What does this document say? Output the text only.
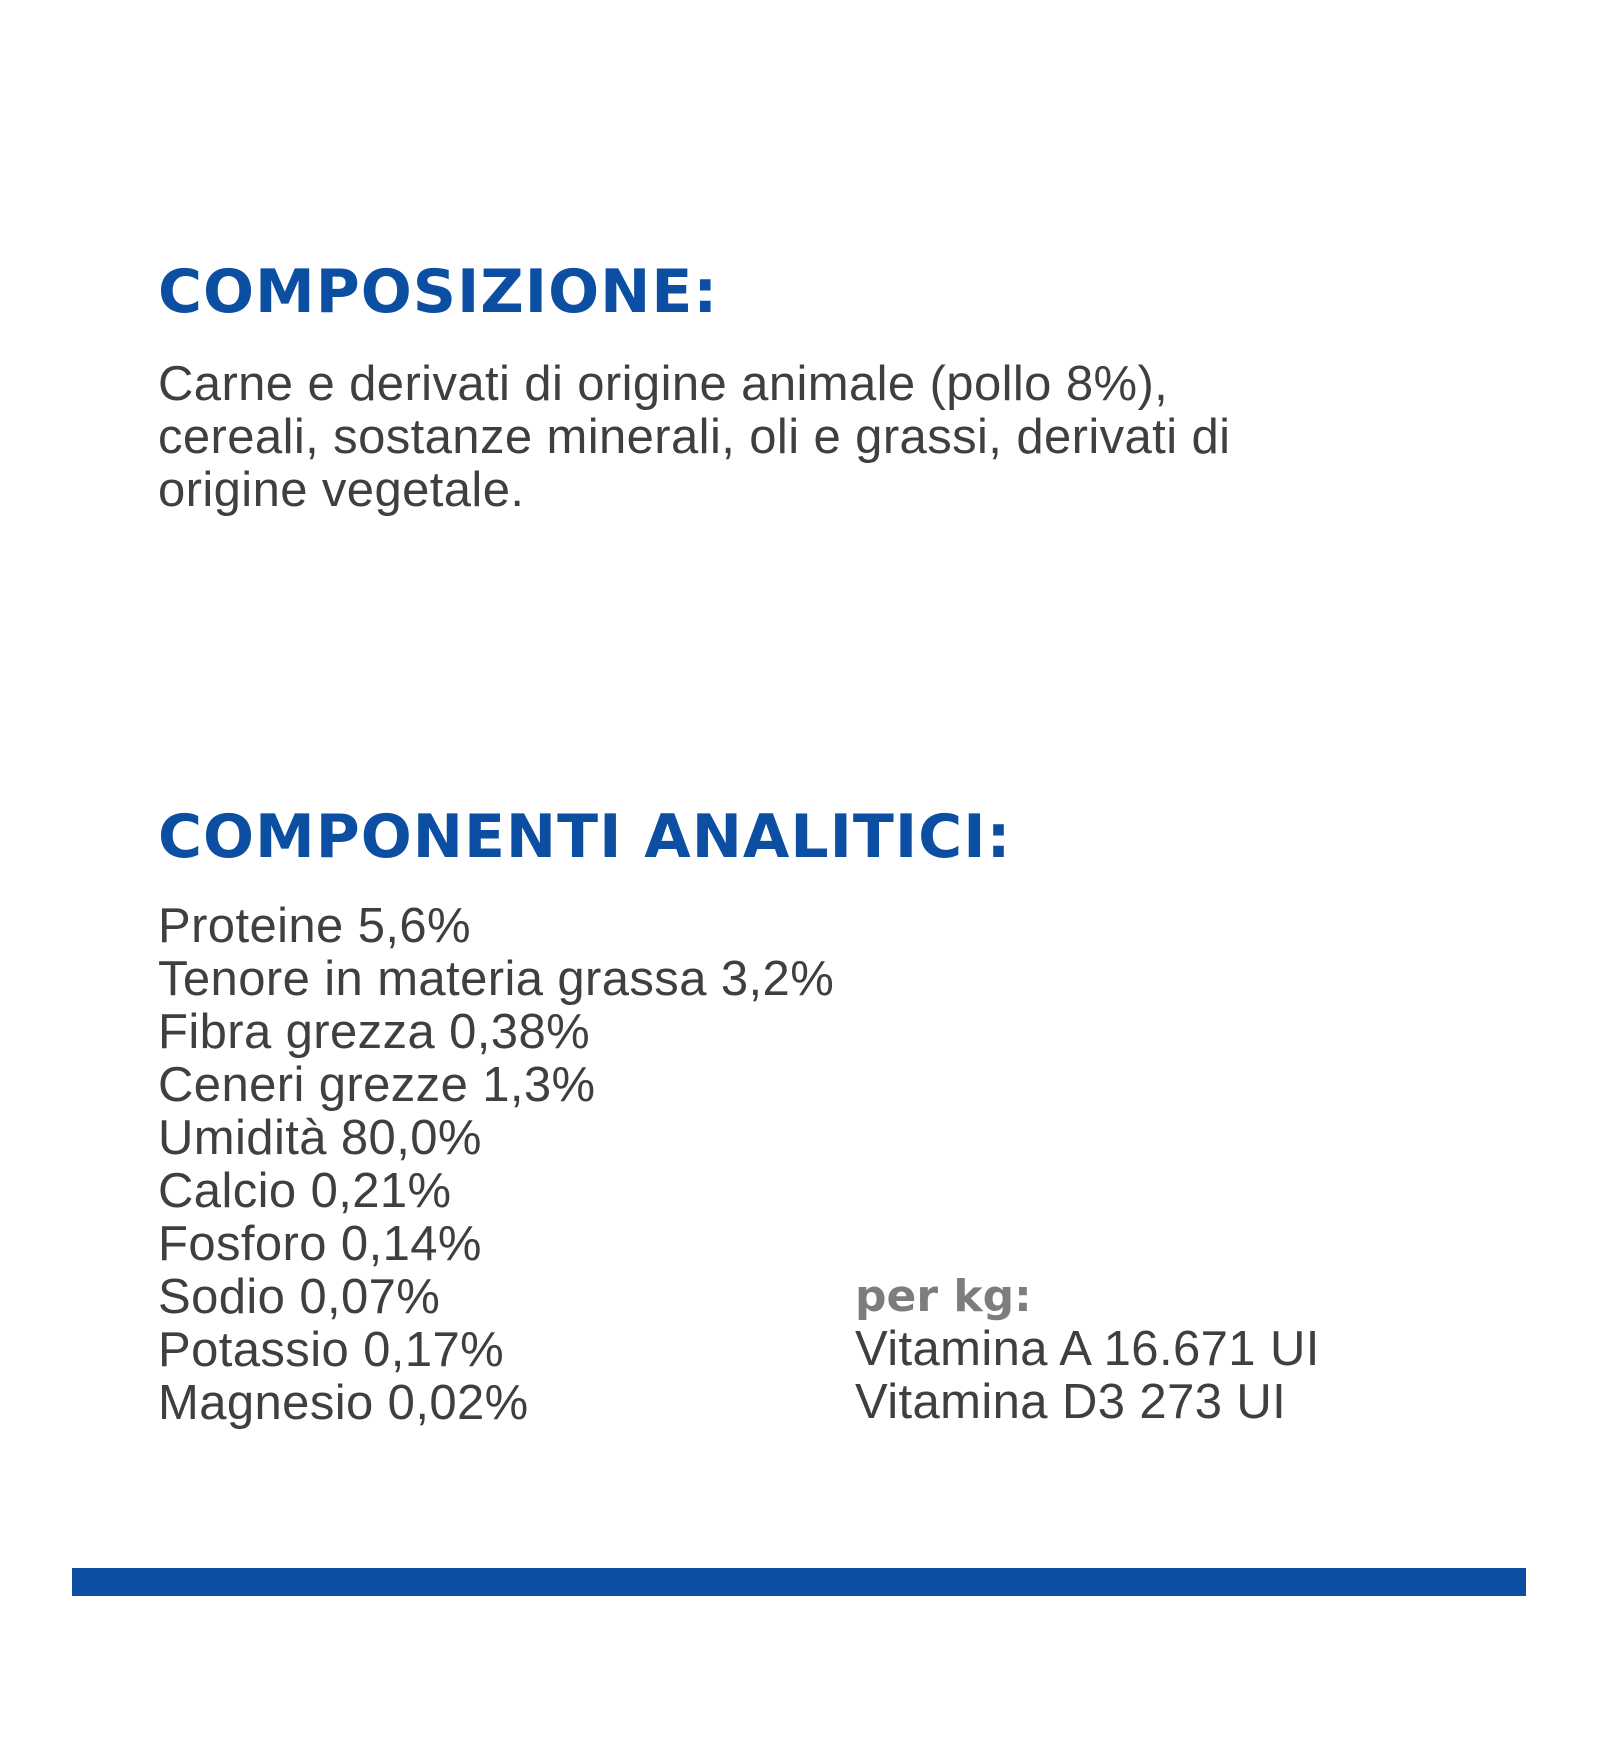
COMPOSIZIONE:

Carne e derivati di origine animale (pollo 8%),
cereali, sostanze minerali, oli e grassi, derivati di
origine vegetale.

COMPONENTI ANALITICI:
Proteine 5,6%
Tenore in materia grassa 3,2%
Fibra grezza 0,38%
Ceneri grezze 1,3%
Umidità 80,0%
Calcio 0,21%
Fosforo 0,14%
Sodio 0,07%
Potassio 0,17%
Magnesio 0,02%

per kg:

Vitamina A 16.671 UI
Vitamina D3 273 UI
